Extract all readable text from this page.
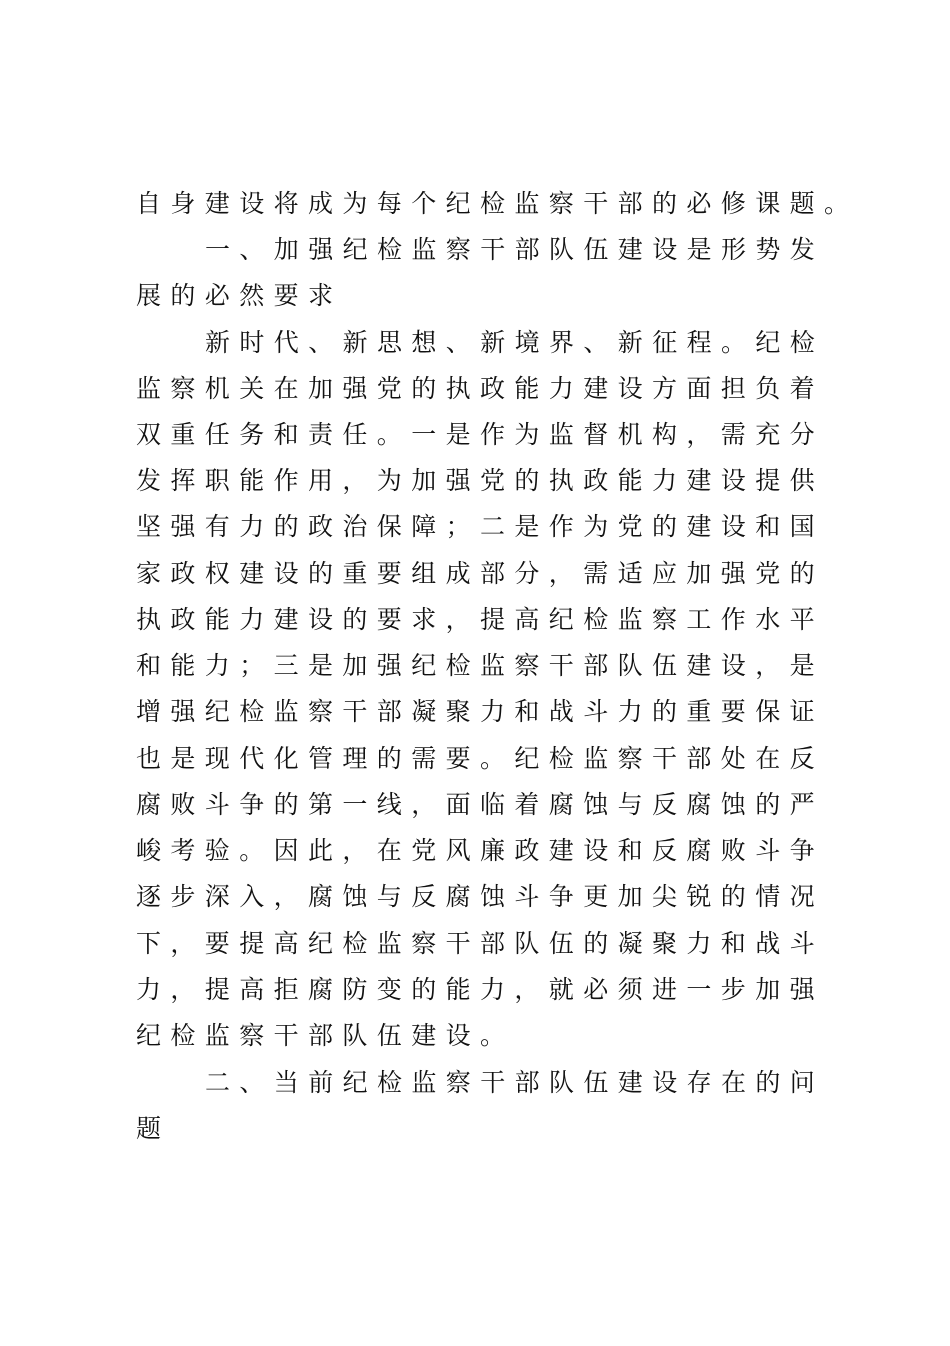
自身建设将成为每个纪检监察干部的必修课题。
一、加强纪检监察干部队伍建设是形势发
展的必然要求
新时代、新思想、新境界、新征程。纪检
监察机关在加强党的执政能力建设方面担负着
双重任务和责任。一是作为监督机构，需充分
发挥职能作用，为加强党的执政能力建设提供
坚强有力的政治保障；二是作为党的建设和国
家政权建设的重要组成部分，需适应加强党的
执政能力建设的要求，提高纪检监察工作水平
和能力；三是加强纪检监察干部队伍建设，是
增强纪检监察干部凝聚力和战斗力的重要保证
也是现代化管理的需要。纪检监察干部处在反
腐败斗争的第一线，面临着腐蚀与反腐蚀的严
峻考验。因此，在党风廉政建设和反腐败斗争
逐步深入，腐蚀与反腐蚀斗争更加尖锐的情况
下，要提高纪检监察干部队伍的凝聚力和战斗
力，提高拒腐防变的能力，就必须进一步加强
纪检监察干部队伍建设。
二、当前纪检监察干部队伍建设存在的问
题
